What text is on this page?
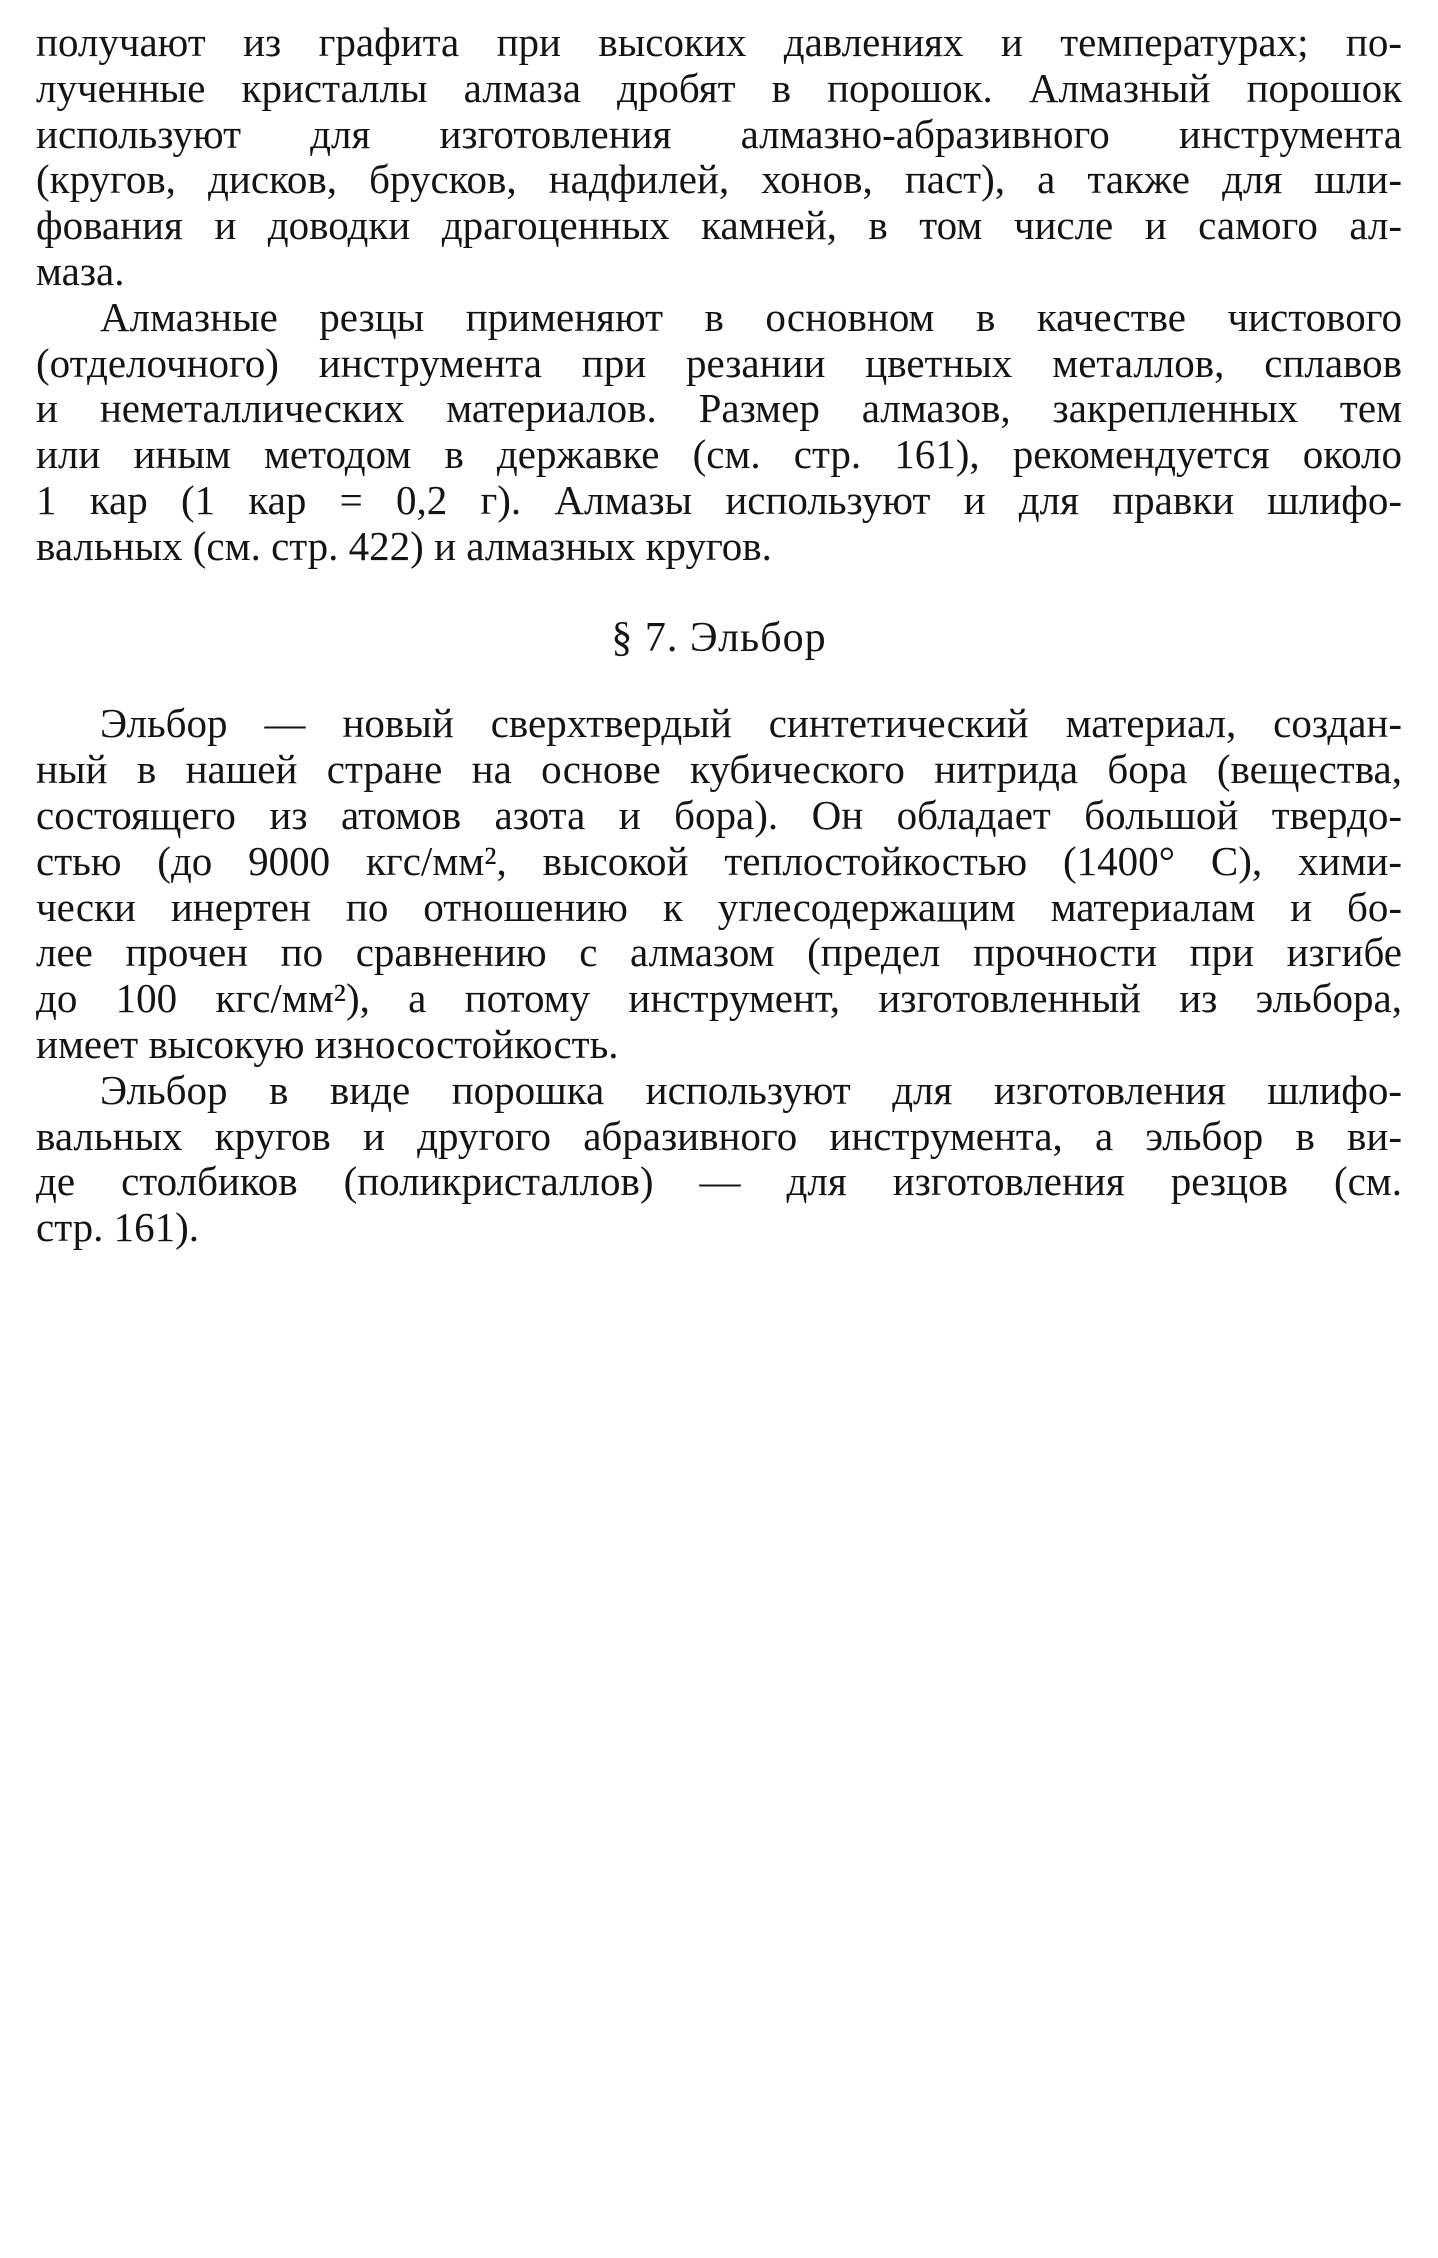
получают из графита при высоких давлениях и температурах; по-
лученные кристаллы алмаза дробят в порошок. Алмазный порошок
используют для изготовления алмазно-абразивного инструмента
(кругов, дисков, брусков, надфилей, хонов, паст), а также для шли-
фования и доводки драгоценных камней, в том числе и самого ал-
маза.
Алмазные резцы применяют в основном в качестве чистового
(отделочного) инструмента при резании цветных металлов, сплавов
и неметаллических материалов. Размер алмазов, закрепленных тем
или иным методом в державке (см. стр. 161), рекомендуется около
1 кар (1 кар = 0,2 г). Алмазы используют и для правки шлифо-
вальных (см. стр. 422) и алмазных кругов.
§ 7. Эльбор
Эльбор — новый сверхтвердый синтетический материал, создан-
ный в нашей стране на основе кубического нитрида бора (вещества,
состоящего из атомов азота и бора). Он обладает большой твердо-
стью (до 9000 кгс/мм², высокой теплостойкостью (1400° С), хими-
чески инертен по отношению к углесодержащим материалам и бо-
лее прочен по сравнению с алмазом (предел прочности при изгибе
до 100 кгс/мм²), а потому инструмент, изготовленный из эльбора,
имеет высокую износостойкость.
Эльбор в виде порошка используют для изготовления шлифо-
вальных кругов и другого абразивного инструмента, а эльбор в ви-
де столбиков (поликристаллов) — для изготовления резцов (см.
стр. 161).
